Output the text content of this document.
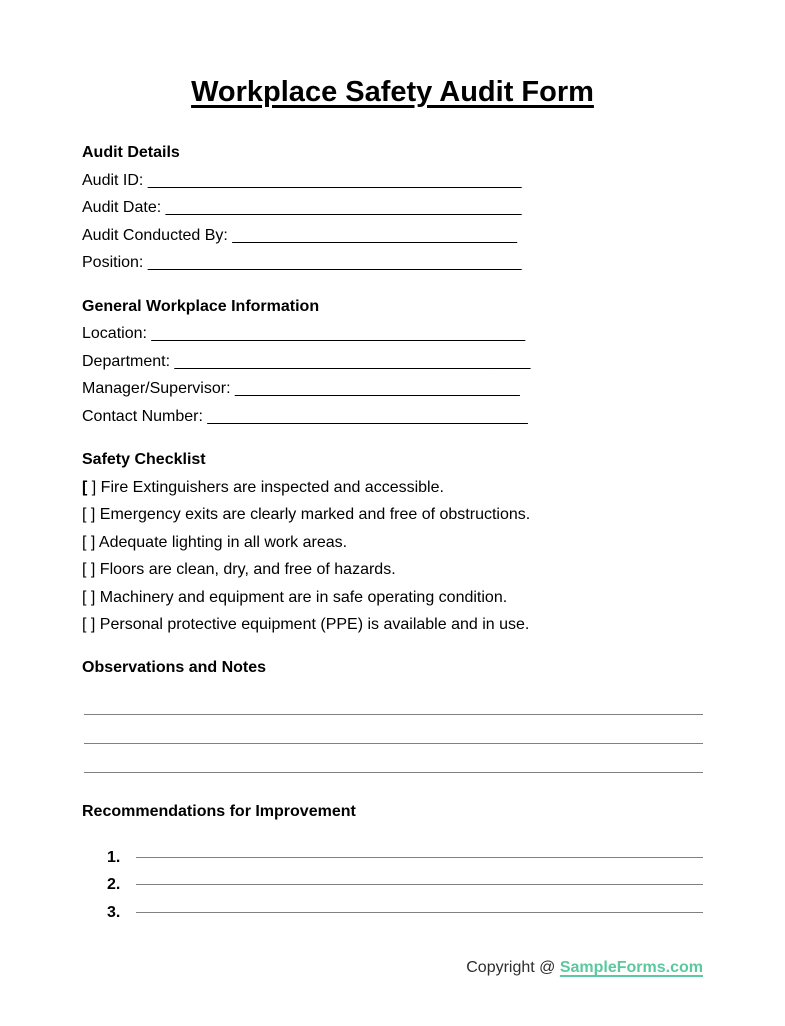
Workplace Safety Audit Form
Audit Details
Audit ID: __________________________________________
Audit Date: ________________________________________
Audit Conducted By: ________________________________
Position: __________________________________________
General Workplace Information
Location: __________________________________________
Department: ________________________________________
Manager/Supervisor: ________________________________
Contact Number: ____________________________________
Safety Checklist
[ ] Fire Extinguishers are inspected and accessible.
[ ] Emergency exits are clearly marked and free of obstructions.
[ ] Adequate lighting in all work areas.
[ ] Floors are clean, dry, and free of hazards.
[ ] Machinery and equipment are in safe operating condition.
[ ] Personal protective equipment (PPE) is available and in use.
Observations and Notes
Recommendations for Improvement
1.
2.
3.
Copyright @ SampleForms.com
